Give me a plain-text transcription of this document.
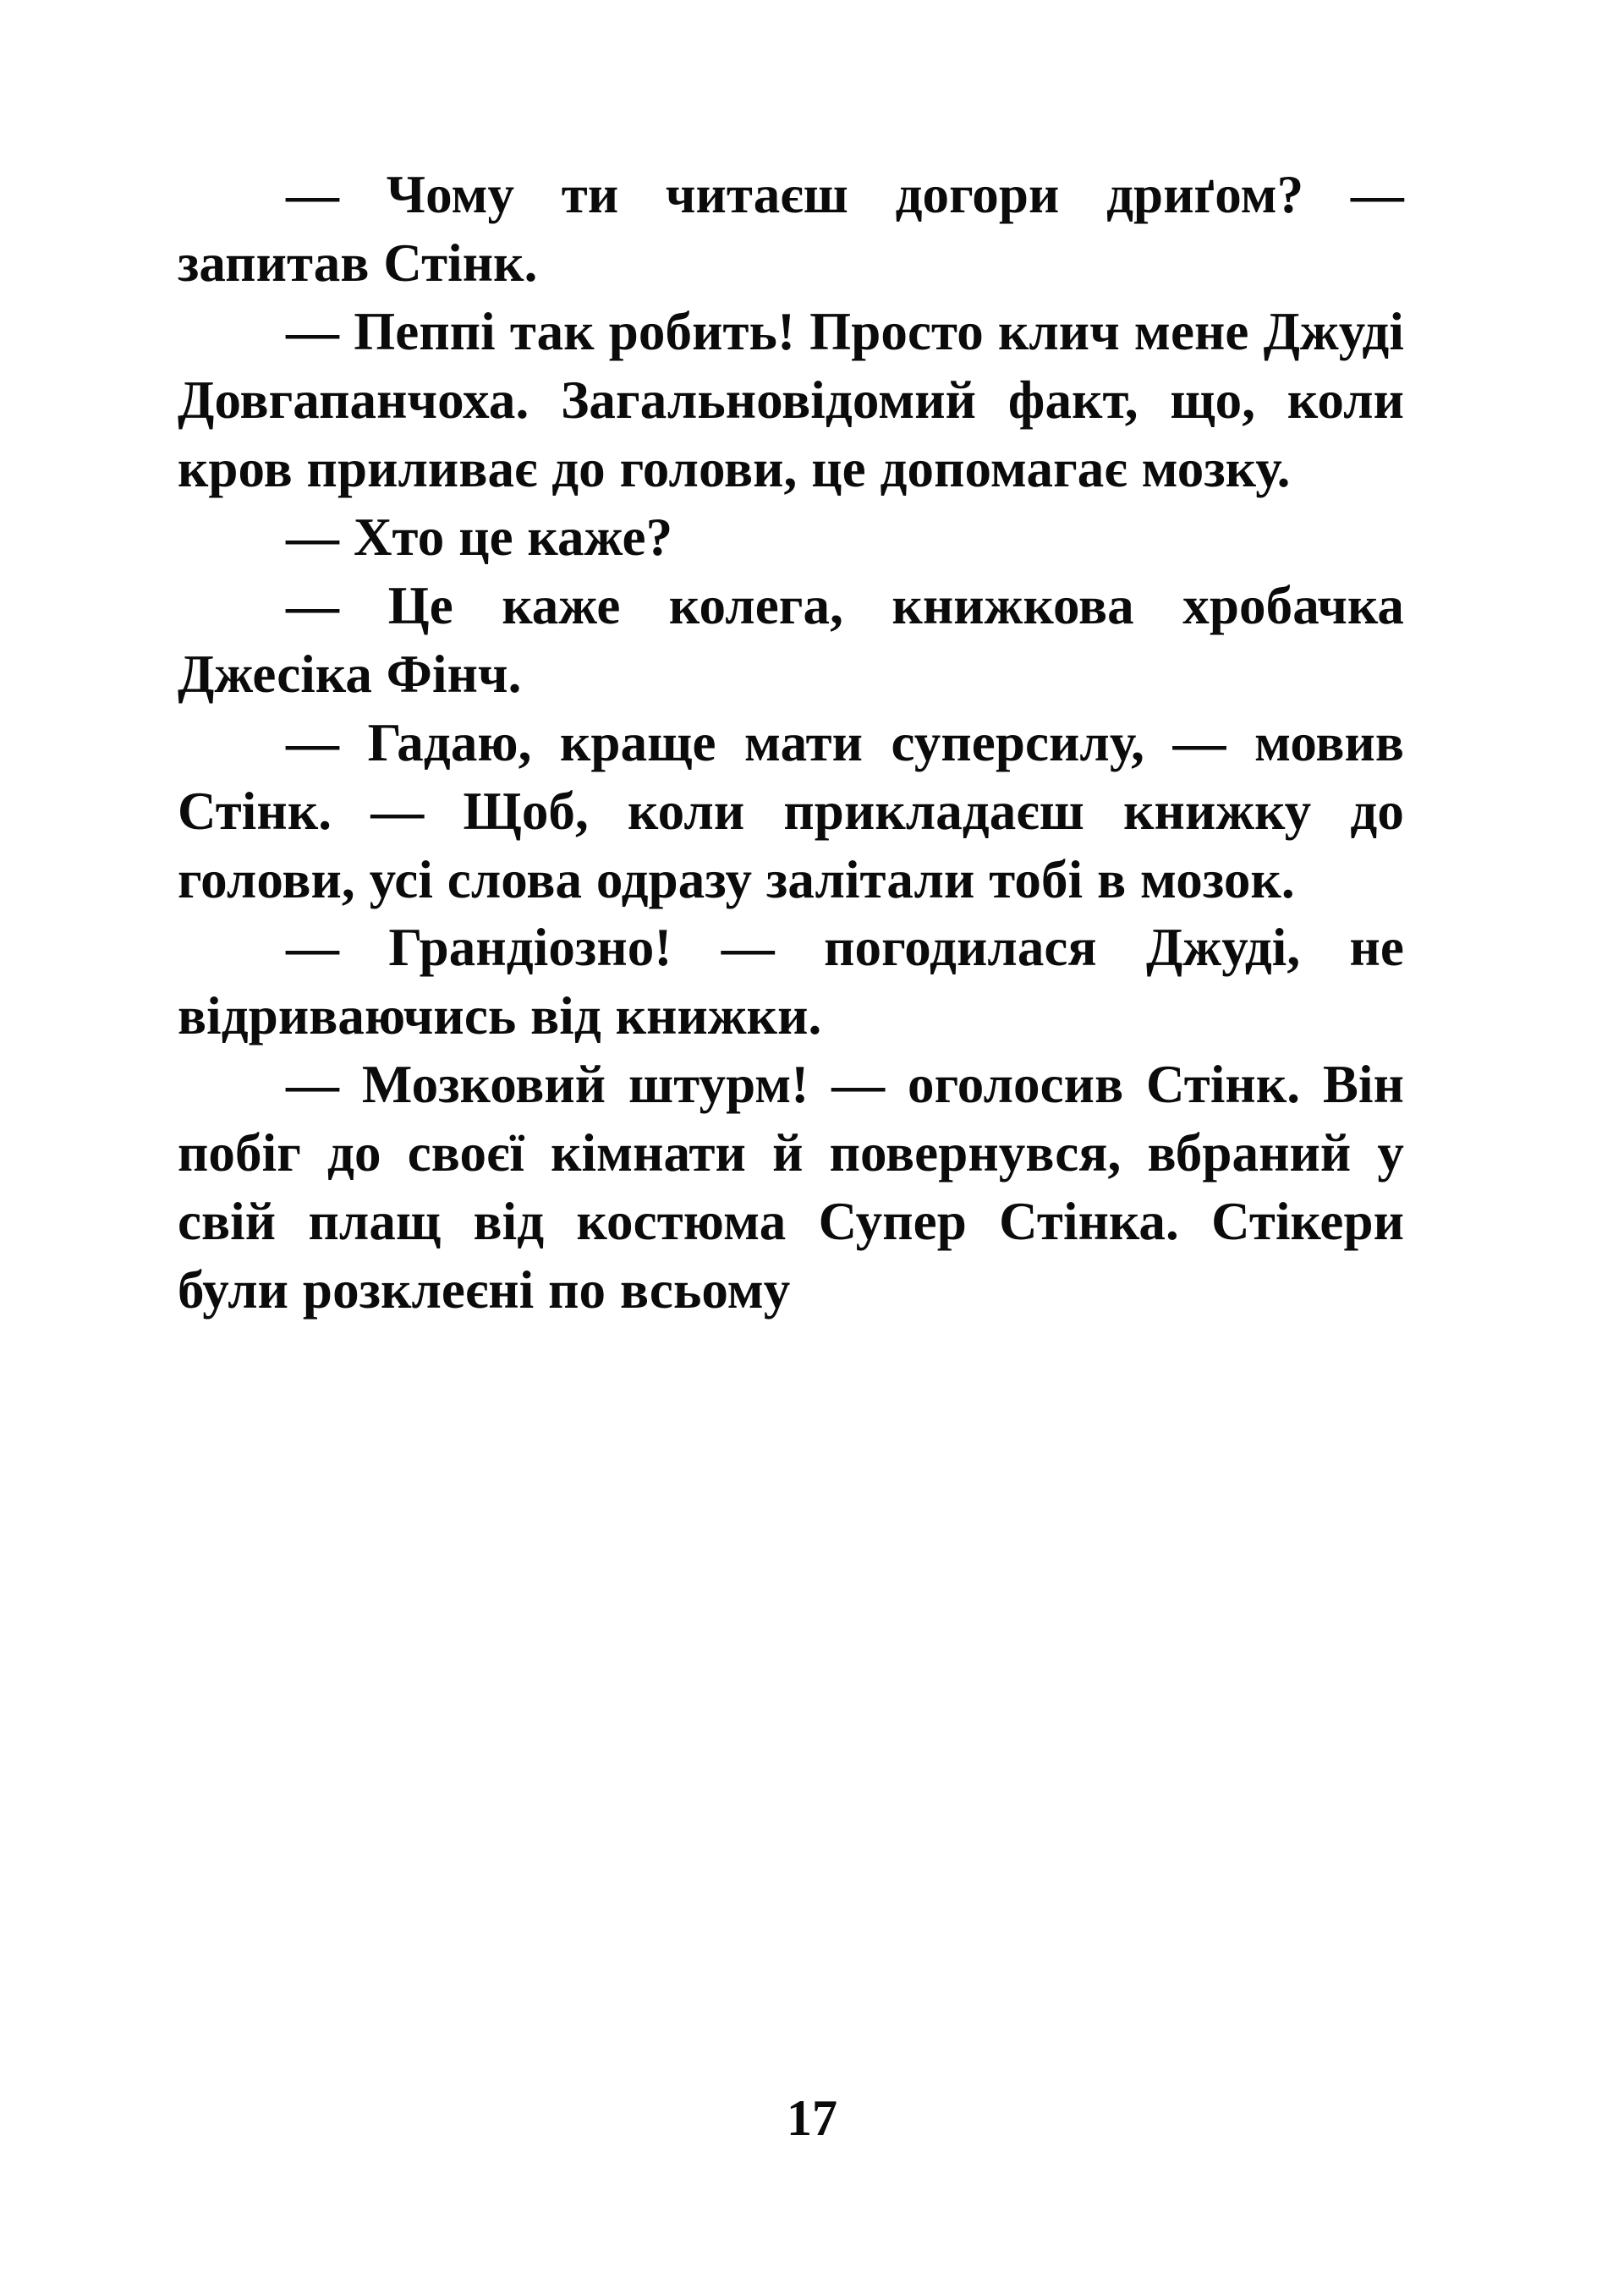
— Чому ти читаєш догори дриґом? — запитав Стінк.

— Пеппі так робить! Просто клич мене Джуді Довгапанчоха. Загальновідомий факт, що, коли кров приливає до голови, це допомагає мозку.

— Хто це каже?

— Це каже колега, книжкова хробачка Джесіка Фінч.

— Гадаю, краще мати суперсилу, — мовив Стінк. — Щоб, коли прикладаєш книжку до голови, усі слова одразу залітали тобі в мозок.

— Грандіозно! — погодилася Джуді, не відриваючись від книжки.

— Мозковий штурм! — оголосив Стінк. Він побіг до своєї кімнати й повернувся, вбраний у свій плащ від костюма Супер Стінка. Стікери були розклеєні по всьому

17
